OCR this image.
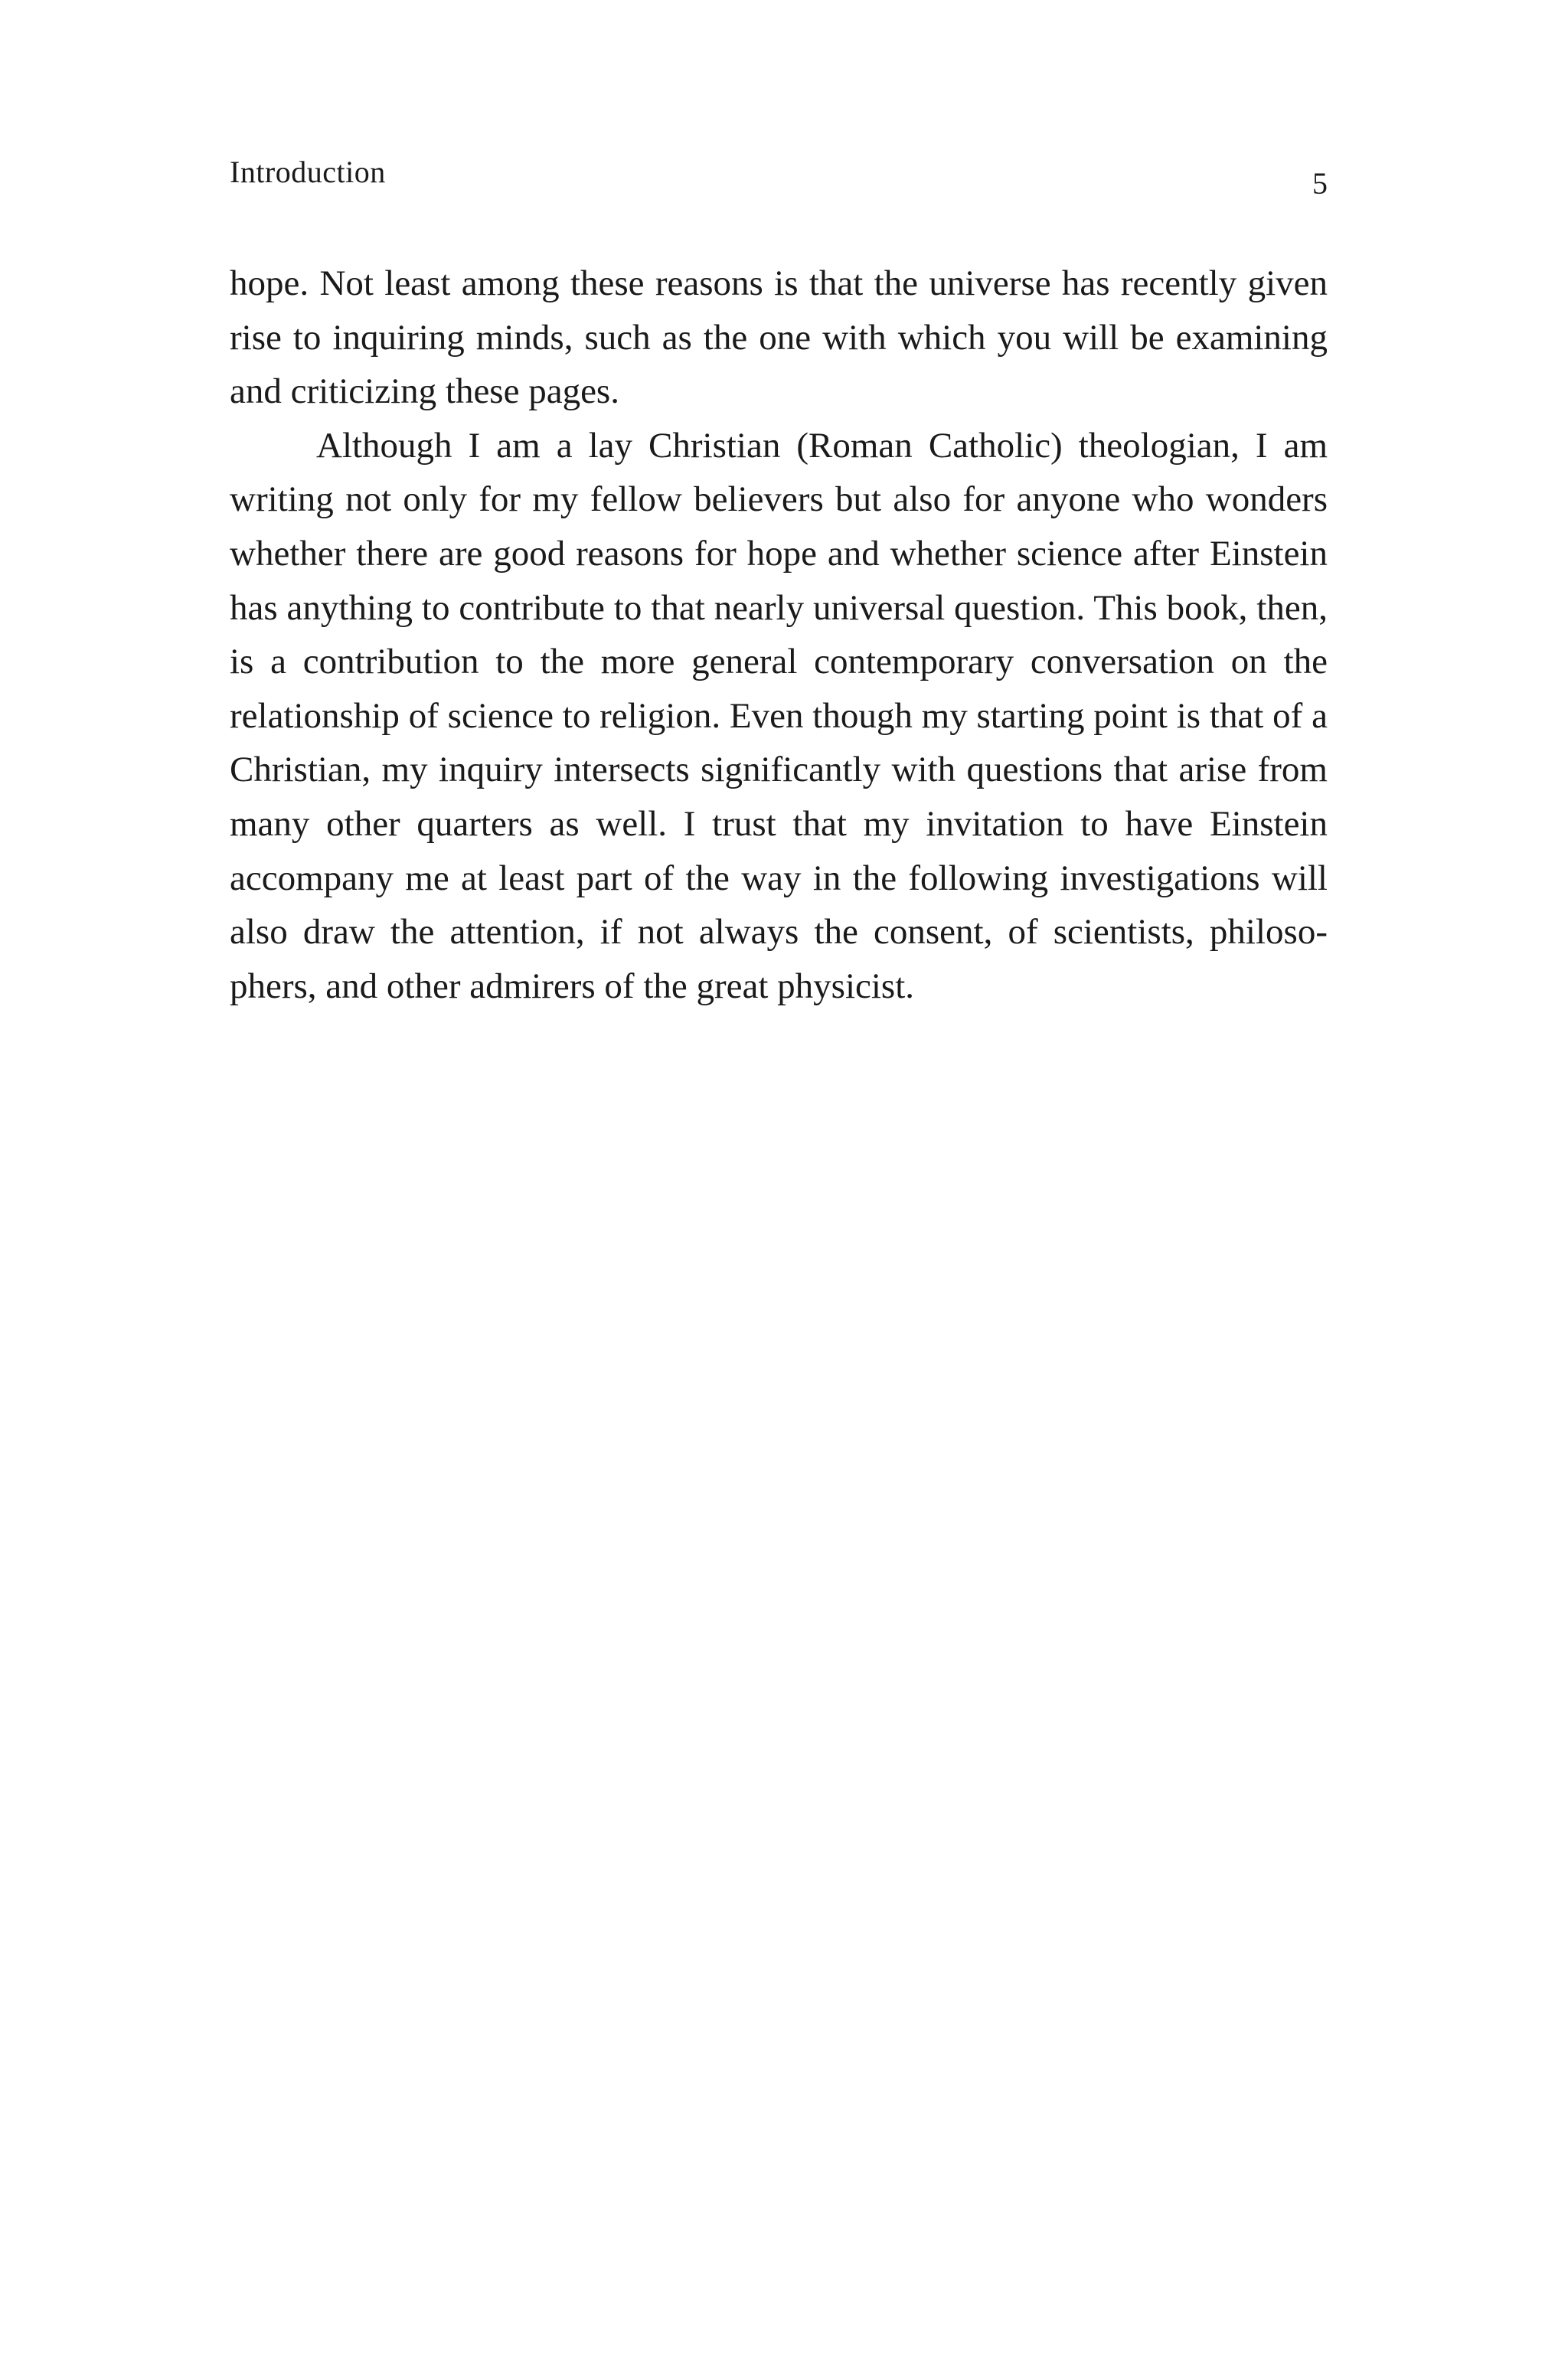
Introduction	5

hope. Not least among these reasons is that the universe has recently given rise to inquiring minds, such as the one with which you will be examining and criticizing these pages.

Although I am a lay Christian (Roman Catholic) theologian, I am writing not only for my fellow believers but also for anyone who wonders whether there are good reasons for hope and whether science after Einstein has anything to contribute to that nearly universal question. This book, then, is a contribution to the more general contemporary conversation on the relationship of science to religion. Even though my starting point is that of a Christian, my inquiry intersects significantly with questions that arise from many other quarters as well. I trust that my invitation to have Einstein accompany me at least part of the way in the following investigations will also draw the attention, if not always the consent, of scientists, philosophers, and other admirers of the great physicist.
